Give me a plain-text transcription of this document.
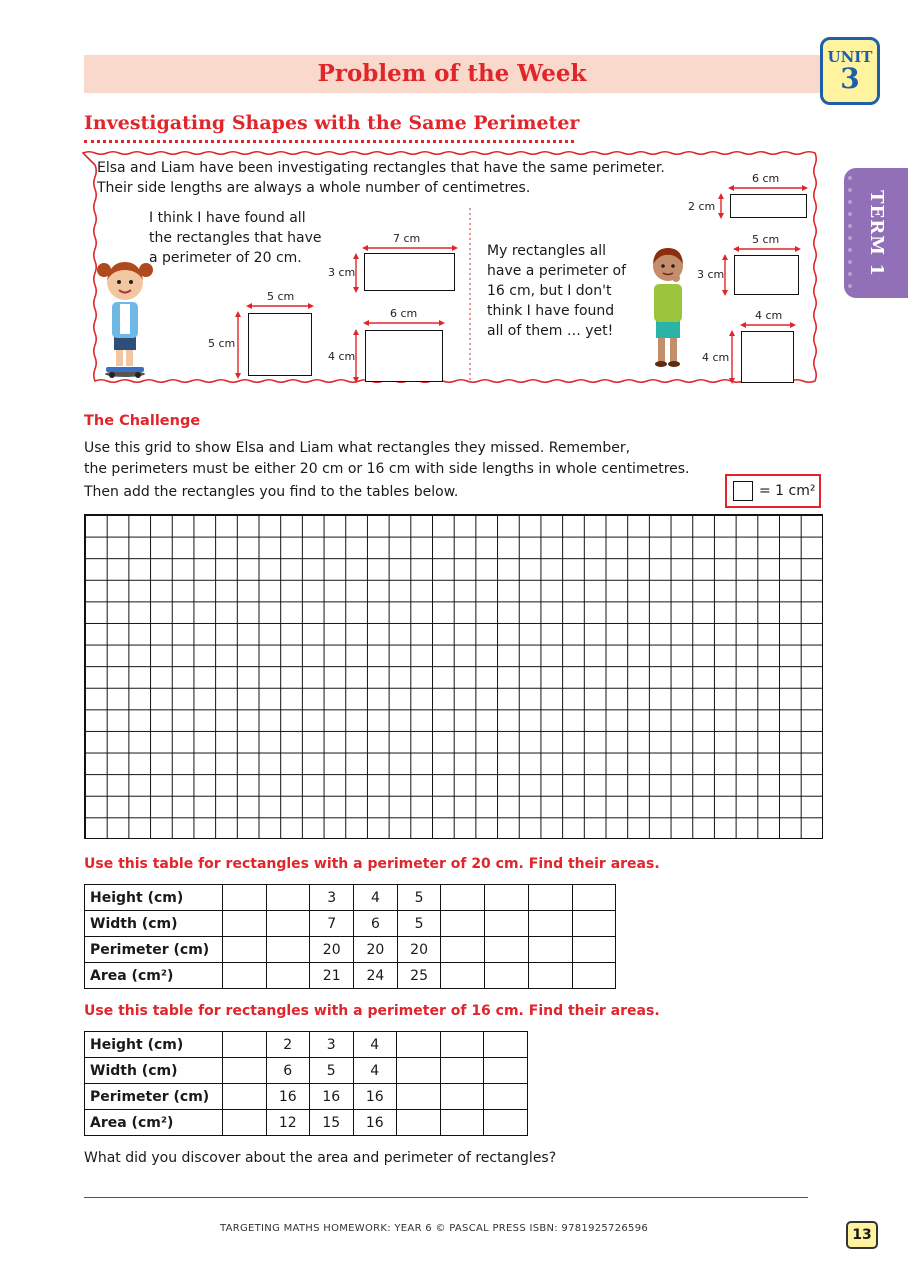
Problem of the Week
UNIT
3
TERM 1
Investigating Shapes with the Same Perimeter
Elsa and Liam have been investigating rectangles that have the same perimeter.
Their side lengths are always a whole number of centimetres.
I think I have found all
the rectangles that have
a perimeter of 20 cm.
7 cm
3 cm
5 cm
5 cm
6 cm
4 cm
My rectangles all
have a perimeter of
16 cm, but I don't
think I have found
all of them … yet!
6 cm
2 cm
5 cm
3 cm
4 cm
4 cm
The Challenge
Use this grid to show Elsa and Liam what rectangles they missed. Remember,
the perimeters must be either 20 cm or 16 cm with side lengths in whole centimetres.
Then add the rectangles you find to the tables below.	= 1 cm²
Use this table for rectangles with a perimeter of 20 cm. Find their areas.
Height (cm)			3	4	5				
Width (cm)			7	6	5				
Perimeter (cm)			20	20	20				
Area (cm²)			21	24	25				
Use this table for rectangles with a perimeter of 16 cm. Find their areas.
Height (cm)		2	3	4			
Width (cm)		6	5	4			
Perimeter (cm)		16	16	16			
Area (cm²)		12	15	16			
What did you discover about the area and perimeter of rectangles?
TARGETING MATHS HOMEWORK: YEAR 6 © PASCAL PRESS ISBN: 9781925726596	13
